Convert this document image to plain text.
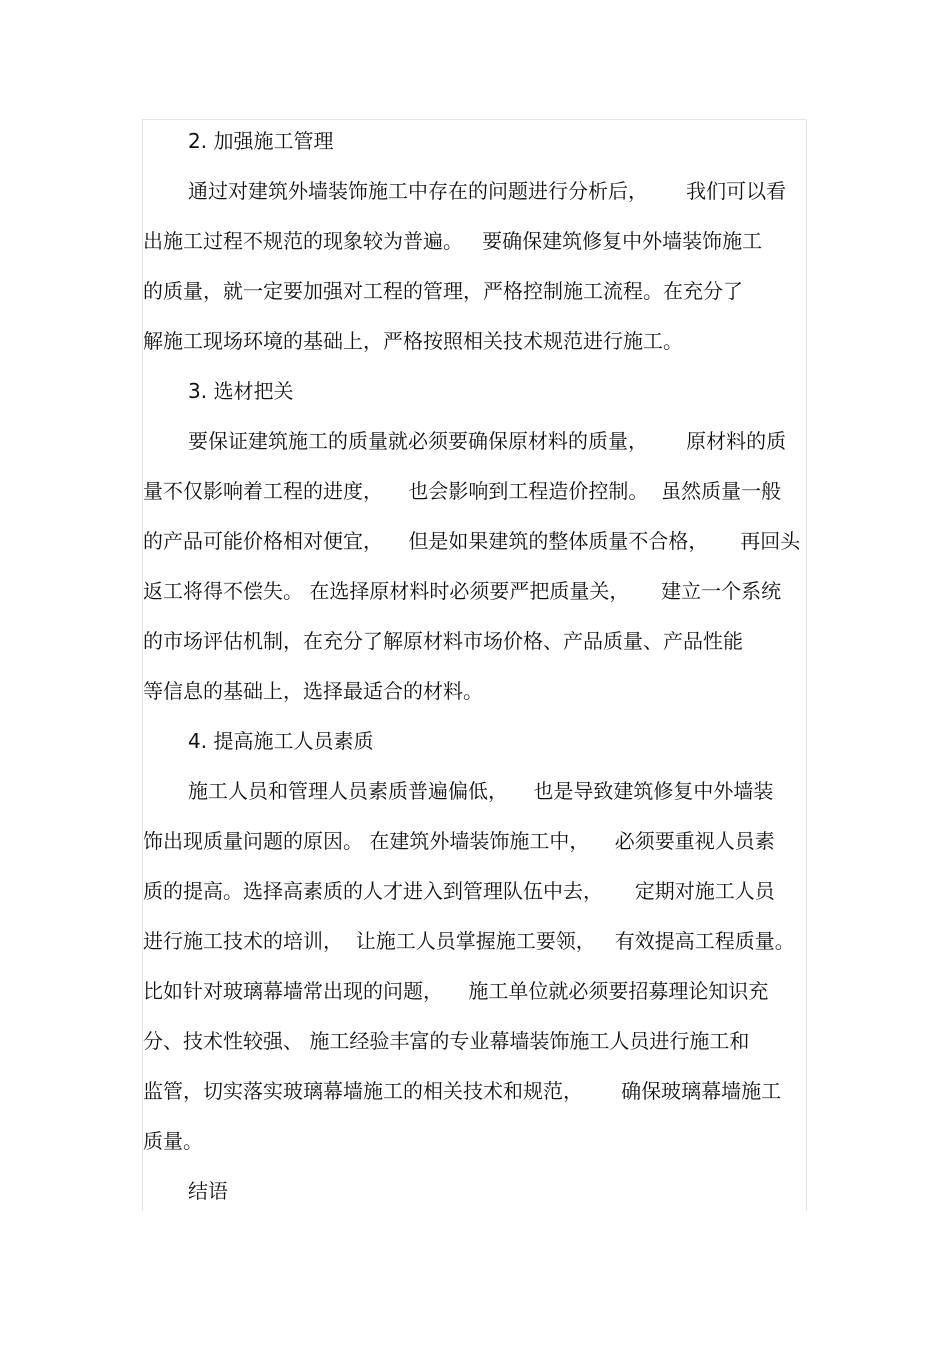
2. 加强施工管理
通过对建筑外墙装饰施工中存在的问题进行分析后，      我们可以看
出施工过程不规范的现象较为普遍。   要确保建筑修复中外墙装饰施工
的质量，就一定要加强对工程的管理，严格控制施工流程。在充分了
解施工现场环境的基础上，严格按照相关技术规范进行施工。
3. 选材把关
要保证建筑施工的质量就必须要确保原材料的质量，      原材料的质
量不仅影响着工程的进度，    也会影响到工程造价控制。  虽然质量一般
的产品可能价格相对便宜，    但是如果建筑的整体质量不合格，     再回头
返工将得不偿失。 在选择原材料时必须要严把质量关，     建立一个系统
的市场评估机制，在充分了解原材料市场价格、产品质量、产品性能
等信息的基础上，选择最适合的材料。
4. 提高施工人员素质
施工人员和管理人员素质普遍偏低，    也是导致建筑修复中外墙装
饰出现质量问题的原因。 在建筑外墙装饰施工中，    必须要重视人员素
质的提高。选择高素质的人才进入到管理队伍中去，     定期对施工人员
进行施工技术的培训，  让施工人员掌握施工要领，   有效提高工程质量。
比如针对玻璃幕墙常出现的问题，    施工单位就必须要招募理论知识充
分、技术性较强、 施工经验丰富的专业幕墙装饰施工人员进行施工和
监管，切实落实玻璃幕墙施工的相关技术和规范，      确保玻璃幕墙施工
质量。
结语
